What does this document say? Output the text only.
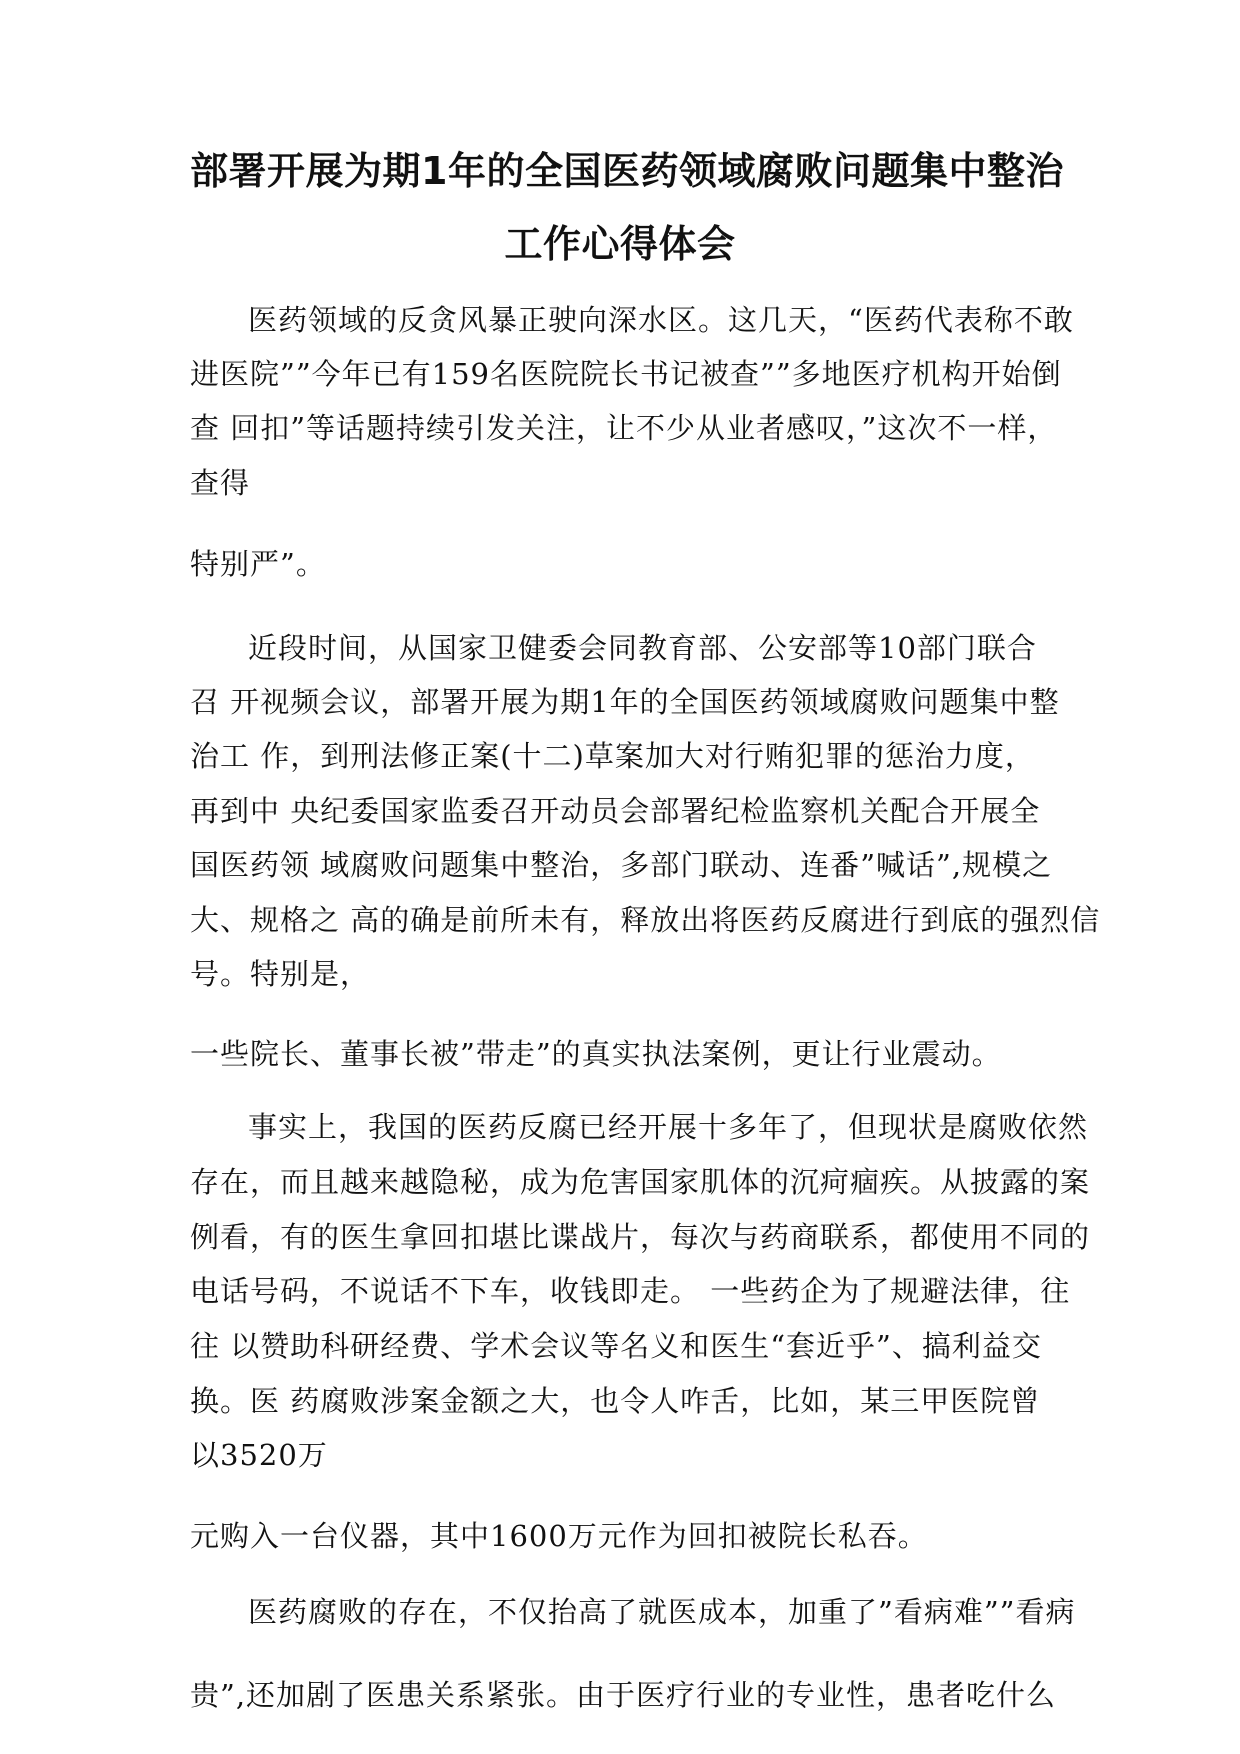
部署开展为期1年的全国医药领域腐败问题集中整治
工作心得体会
医药领域的反贪风暴正驶向深水区。这几天，“医药代表称不敢
进医院””今年已有159名医院院长书记被查””多地医疗机构开始倒
查 回扣”等话题持续引发关注，让不少从业者感叹，”这次不一样，
查得
特别严”。
近段时间，从国家卫健委会同教育部、公安部等10部门联合
召 开视频会议，部署开展为期1年的全国医药领域腐败问题集中整
治工 作，到刑法修正案(十二)草案加大对行贿犯罪的惩治力度，
再到中 央纪委国家监委召开动员会部署纪检监察机关配合开展全
国医药领 域腐败问题集中整治，多部门联动、连番”喊话”,规模之
大、规格之 高的确是前所未有，释放出将医药反腐进行到底的强烈信
号。特别是，
一些院长、董事长被”带走”的真实执法案例，更让行业震动。
事实上，我国的医药反腐已经开展十多年了，但现状是腐败依然
存在，而且越来越隐秘，成为危害国家肌体的沉疴痼疾。从披露的案
例看，有的医生拿回扣堪比谍战片，每次与药商联系，都使用不同的
电话号码，不说话不下车，收钱即走。 一些药企为了规避法律，往
往 以赞助科研经费、学术会议等名义和医生“套近乎”、搞利益交
换。医 药腐败涉案金额之大，也令人咋舌，比如，某三甲医院曾
以3520万
元购入一台仪器，其中1600万元作为回扣被院长私吞。
医药腐败的存在，不仅抬高了就医成本，加重了”看病难””看病
贵”,还加剧了医患关系紧张。由于医疗行业的专业性，患者吃什么
